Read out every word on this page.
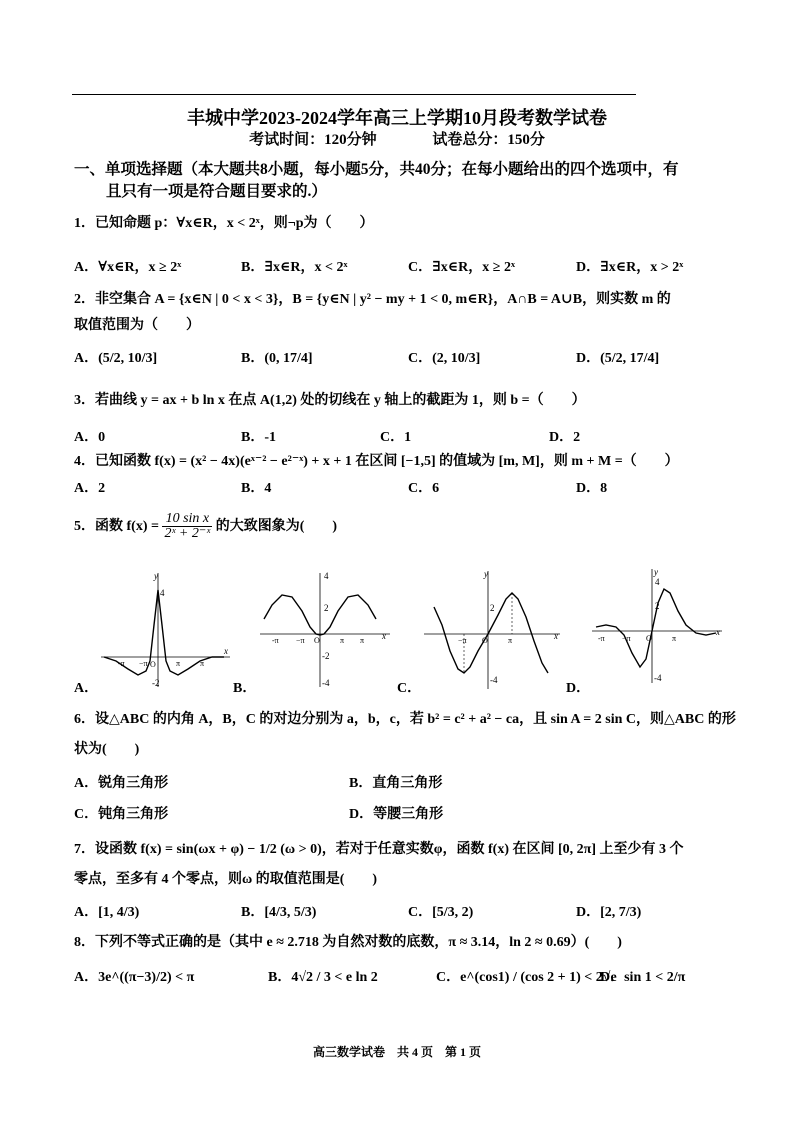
丰城中学2023-2024学年高三上学期10月段考数学试卷
考试时间：120分钟	试卷总分：150分
一、单项选择题（本大题共8小题，每小题5分，共40分；在每小题给出的四个选项中，有
且只有一项是符合题目要求的.）
1．已知命题 p：∀x∈R，x < 2ˣ，则¬p为（　　）
A．∀x∈R，x ≥ 2ˣ	B．∃x∈R，x < 2ˣ	C．∃x∈R，x ≥ 2ˣ	D．∃x∈R，x > 2ˣ
2．非空集合 A = {x∈N | 0 < x < 3}，B = {y∈N | y² − my + 1 < 0, m∈R}，A∩B = A∪B，则实数 m 的
取值范围为（　　）
A．(5/2, 10/3]	B．(0, 17/4]	C．(2, 10/3]	D．(5/2, 17/4]
3．若曲线 y = ax + b ln x 在点 A(1,2) 处的切线在 y 轴上的截距为 1，则 b =（　　）
A．0	B．-1	C．1	D．2
4．已知函数 f(x) = (x² − 4x)(eˣ⁻² − e²⁻ˣ) + x + 1 在区间 [−1,5] 的值域为 [m, M]，则 m + M =（　　）
A．2	B．4	C．6	D．8
5．函数 $f(x) = \frac{\text{10 sin x}}{\text{2ˣ + 2⁻ˣ}}$ 的大致图象为(　　)
y
x
4
-2
O
-π	π
−π	π
A．
4
2
-2
-4
O
-π	π
−π	π	x
B．
y
2
-4
O
−π	π	x
C．
y
4
2
-4
O
-π −π	π
x
D．
6．设△ABC 的内角 A，B，C 的对边分别为 a，b，c，若 b² = c² + a² − ca，且 sin A = 2 sin C，则△ABC 的形
状为(　　)
A．锐角三角形	B．直角三角形
C．钝角三角形	D．等腰三角形
7．设函数 f(x) = sin(ωx + φ) − 1/2 (ω > 0)，若对于任意实数φ，函数 f(x) 在区间 [0, 2π] 上至少有 3 个
零点，至多有 4 个零点，则ω 的取值范围是(　　)
A．[1, 4/3)	B．[4/3, 5/3)	C．[5/3, 2)	D．[2, 7/3)
8．下列不等式正确的是（其中 e ≈ 2.718 为自然对数的底数，π ≈ 3.14，ln 2 ≈ 0.69）(　　)
A．3e^((π−3)/2) < π	B．4√2 / 3 < e ln 2	C．e^(cos1) / (cos 2 + 1) < 2√e
D．sin 1 < 2/π
高三数学试卷　共 4 页　第 1 页
